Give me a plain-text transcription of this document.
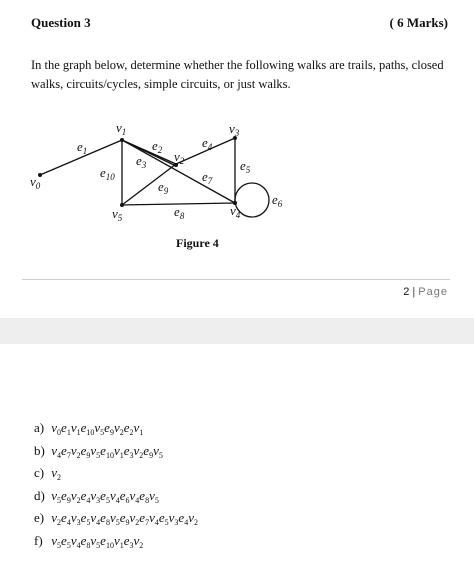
Question 3	( 6 Marks)
In the graph below, determine whether the following walks are trails, paths, closed walks, circuits/cycles, simple circuits, or just walks.
$v_0$
$v_1$
$v_2$
$v_3$
$v_4$
$v_5$
$e_1$	$e_2$
$e_3$
$e_4$
$e_5$
$e_6$
$e_7$
$e_8$
$e_9$
$e_{10}$
Figure 4
2 | Page
a) $v_0e_1v_1e_{10}v_5e_9v_2e_2v_1$
b) $v_4e_7v_2e_9v_5e_{10}v_1e_3v_2e_9v_5$
c) $v_2$
d) $v_5e_9v_2e_4v_3e_5v_4e_6v_4e_8v_5$
e) $v_2e_4v_3e_5v_4e_8v_5e_9v_2e_7v_4e_5v_3e_4v_2$
f) $v_5e_5v_4e_8v_5e_{10}v_1e_3v_2$
